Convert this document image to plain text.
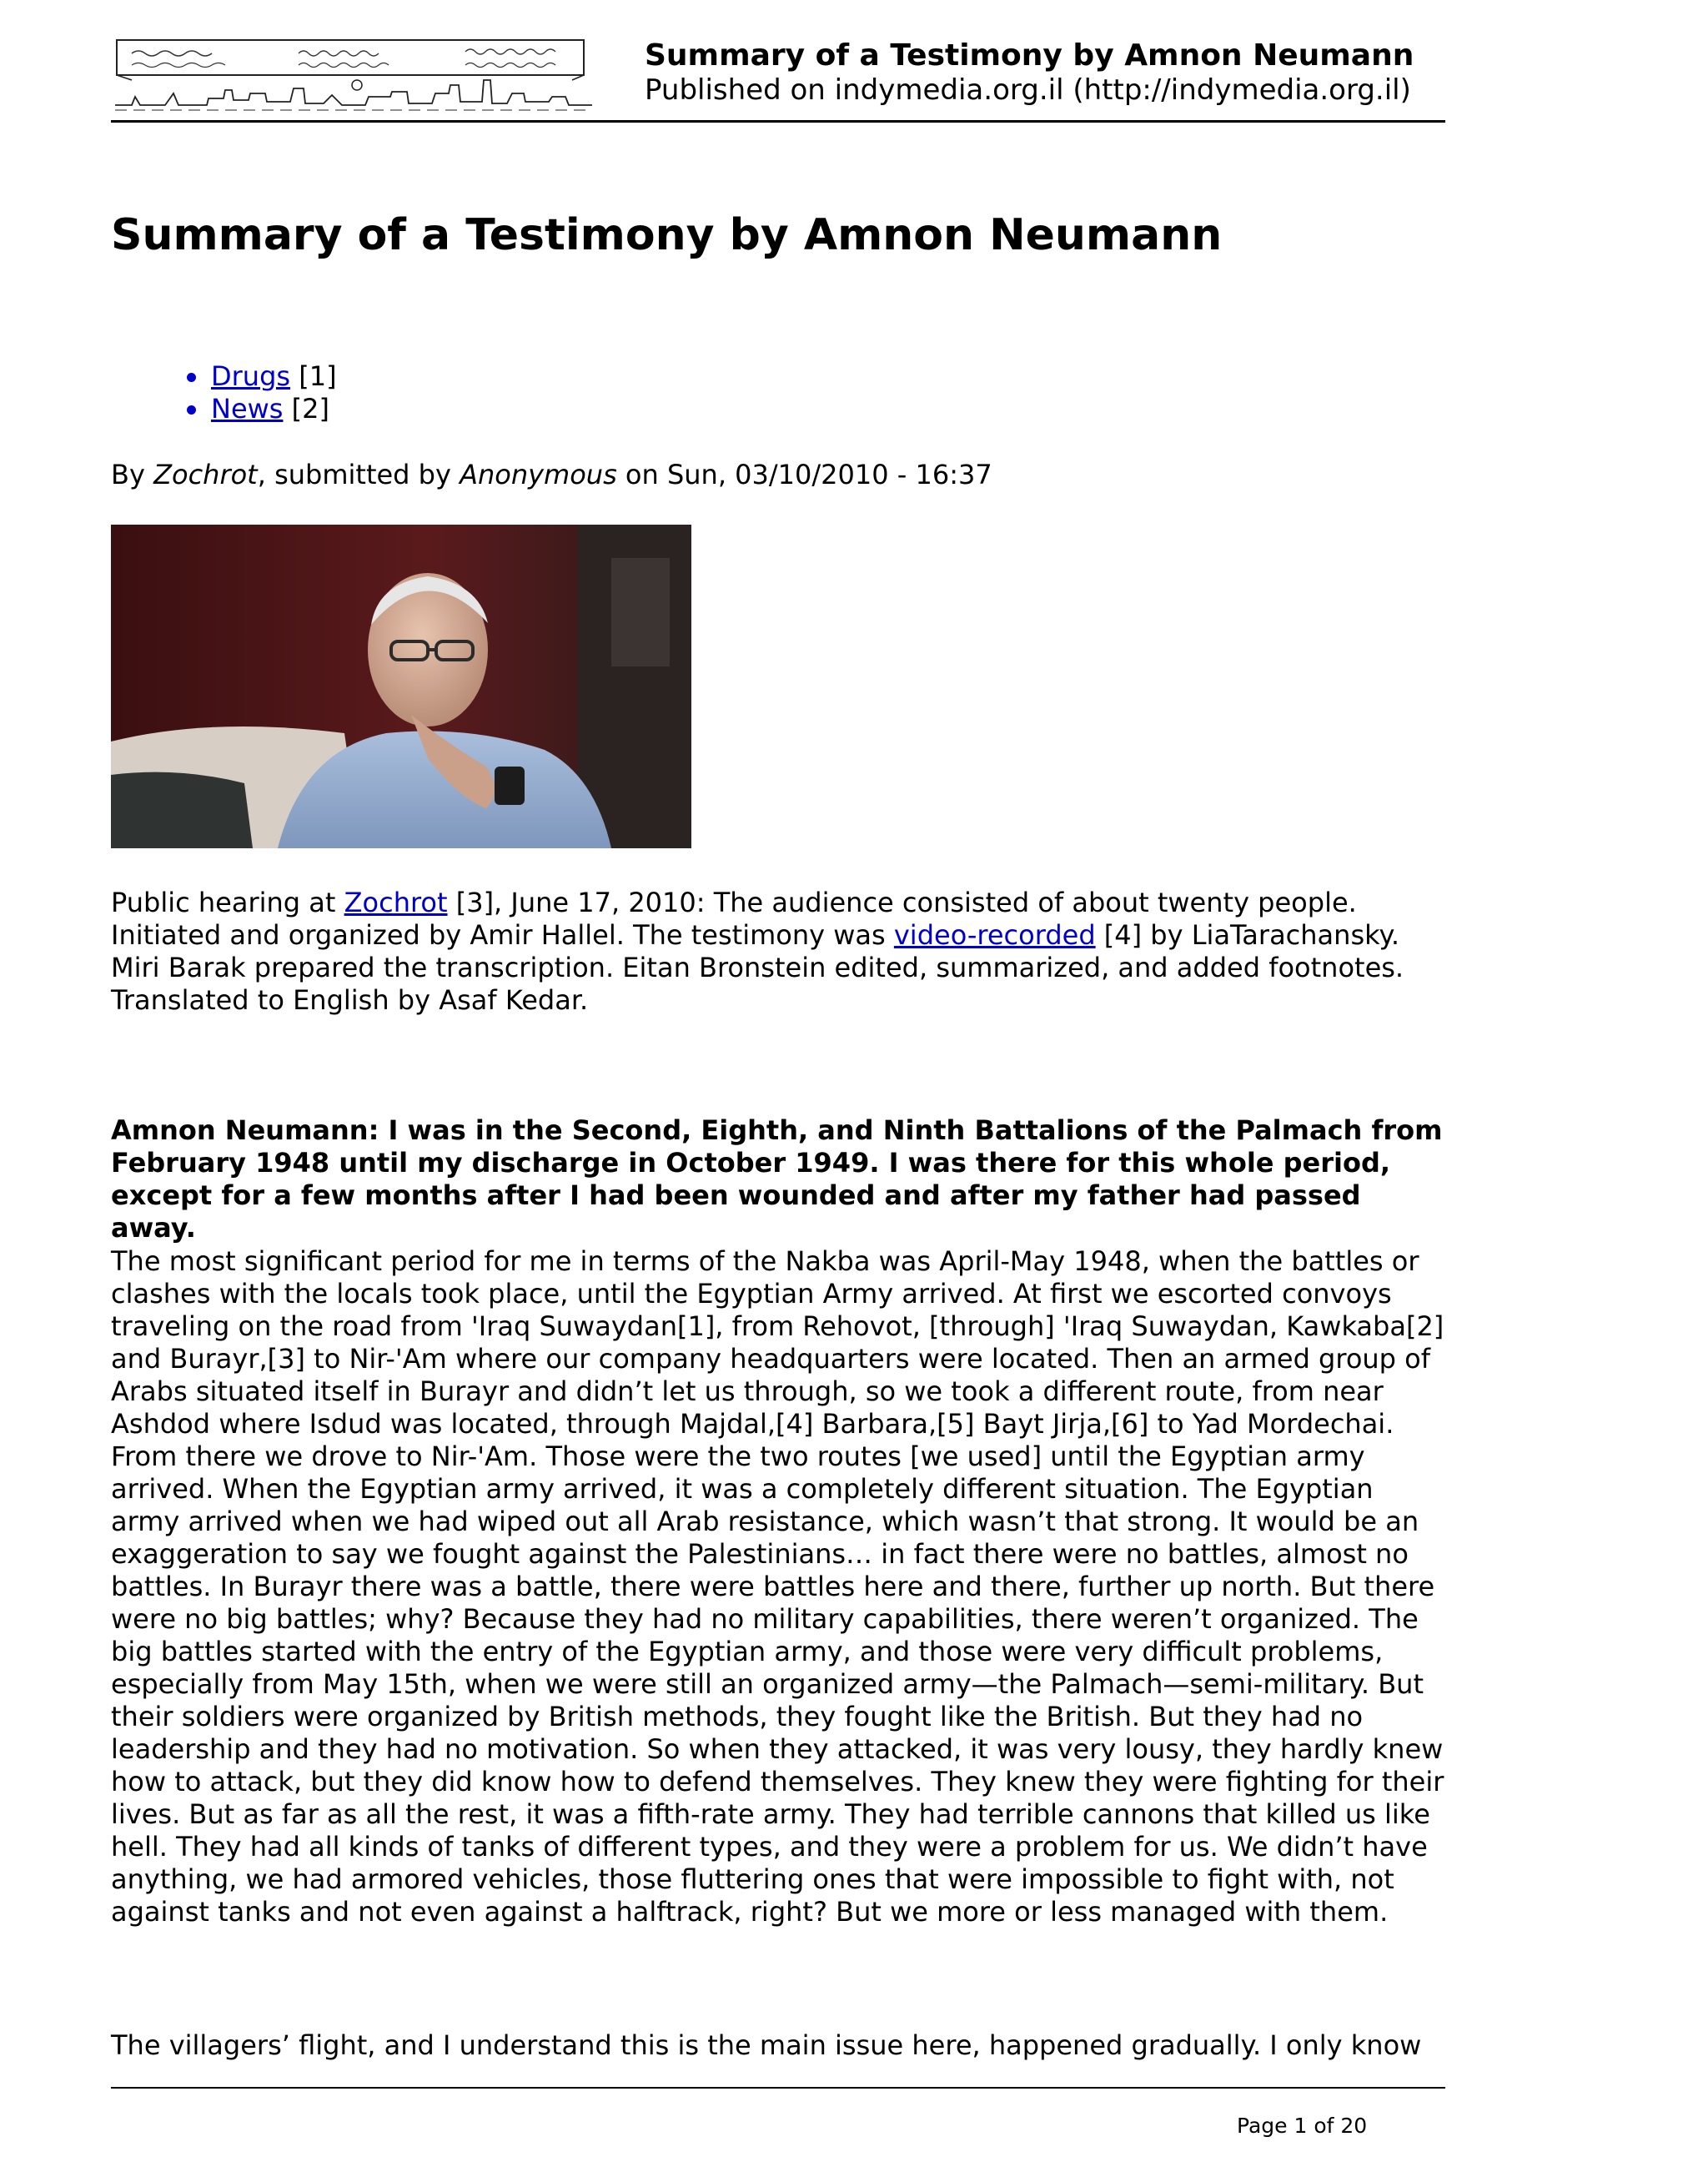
Summary of a Testimony by Amnon Neumann
Published on indymedia.org.il (http://indymedia.org.il)
Summary of a Testimony by Amnon Neumann
Drugs [1]
News [2]
By Zochrot, submitted by Anonymous on Sun, 03/10/2010 - 16:37

Public hearing at Zochrot [3], June 17, 2010: The audience consisted of about twenty people. Initiated and organized by Amir Hallel. The testimony was video-recorded [4] by LiaTarachansky. Miri Barak prepared the transcription. Eitan Bronstein edited, summarized, and added footnotes. Translated to English by Asaf Kedar.

Amnon Neumann: I was in the Second, Eighth, and Ninth Battalions of the Palmach from February 1948 until my discharge in October 1949. I was there for this whole period, except for a few months after I had been wounded and after my father had passed away.

The most significant period for me in terms of the Nakba was April-May 1948, when the battles or clashes with the locals took place, until the Egyptian Army arrived. At first we escorted convoys traveling on the road from 'Iraq Suwaydan[1], from Rehovot, [through] 'Iraq Suwaydan, Kawkaba[2] and Burayr,[3] to Nir-'Am where our company headquarters were located. Then an armed group of Arabs situated itself in Burayr and didn’t let us through, so we took a different route, from near Ashdod where Isdud was located, through Majdal,[4] Barbara,[5] Bayt Jirja,[6] to Yad Mordechai. From there we drove to Nir-'Am. Those were the two routes [we used] until the Egyptian army arrived. When the Egyptian army arrived, it was a completely different situation. The Egyptian army arrived when we had wiped out all Arab resistance, which wasn’t that strong. It would be an exaggeration to say we fought against the Palestinians… in fact there were no battles, almost no battles. In Burayr there was a battle, there were battles here and there, further up north. But there were no big battles; why? Because they had no military capabilities, there weren’t organized. The big battles started with the entry of the Egyptian army, and those were very difficult problems, especially from May 15th, when we were still an organized army—the Palmach—semi-military. But their soldiers were organized by British methods, they fought like the British. But they had no leadership and they had no motivation. So when they attacked, it was very lousy, they hardly knew how to attack, but they did know how to defend themselves. They knew they were fighting for their lives. But as far as all the rest, it was a fifth-rate army. They had terrible cannons that killed us like hell. They had all kinds of tanks of different types, and they were a problem for us. We didn’t have anything, we had armored vehicles, those fluttering ones that were impossible to fight with, not against tanks and not even against a halftrack, right? But we more or less managed with them.

The villagers’ flight, and I understand this is the main issue here, happened gradually. I only know

Page 1 of 20
